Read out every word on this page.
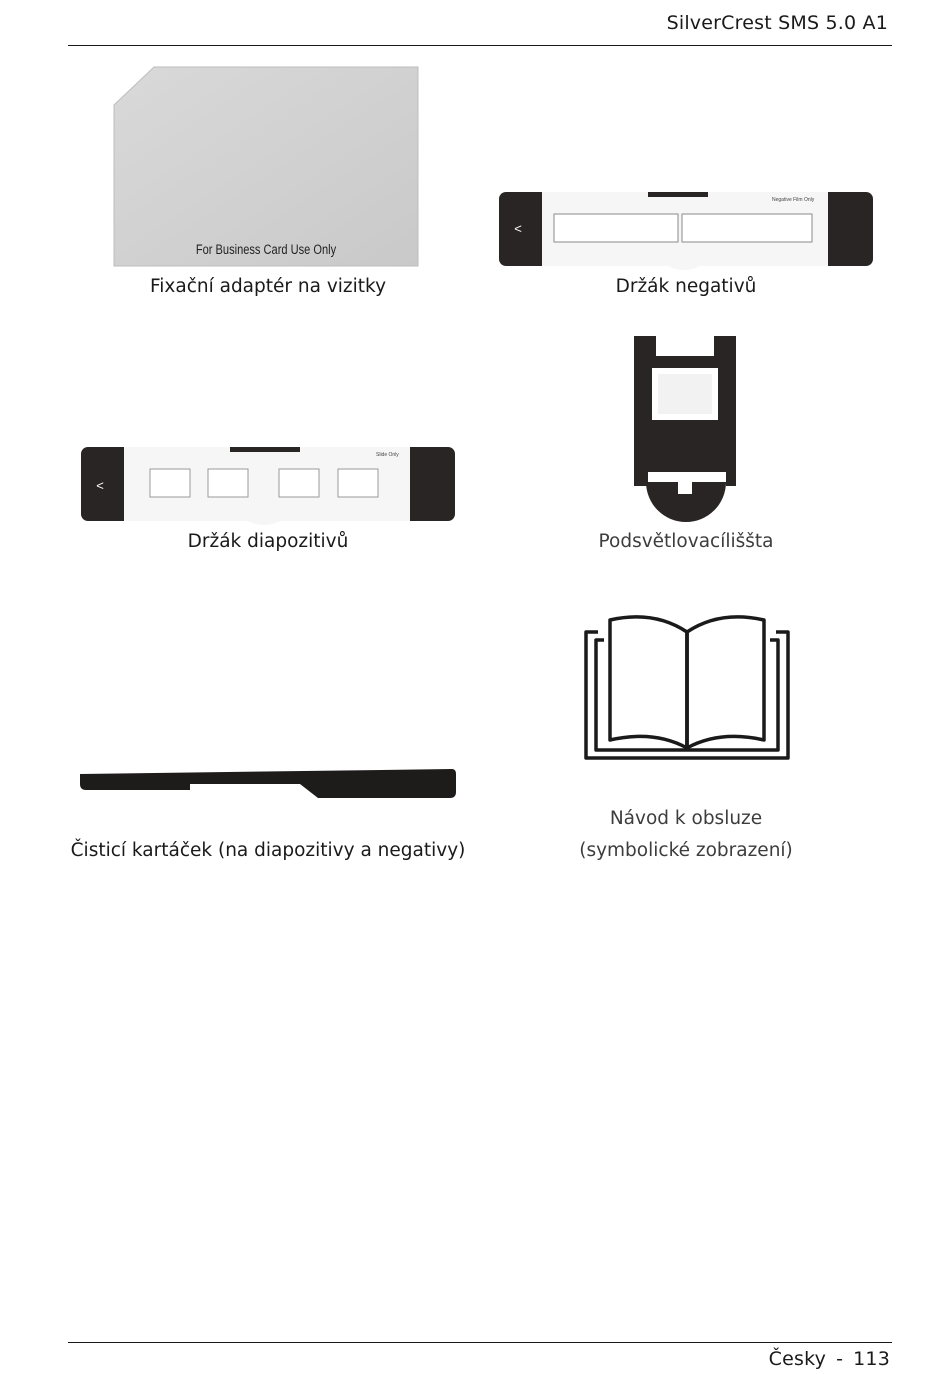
SilverCrest SMS 5.0 A1
For Business Card Use Only
Fixační adaptér na vizitky
<
Negative Film Only
Držák negativů
<
Slide Only
Držák diapozitivů	Podsvětlovacíliššta
Čisticí kartáček (na diapozitivy a negativy)
Návod k obsluze
(symbolické zobrazení)
Česky - 113
